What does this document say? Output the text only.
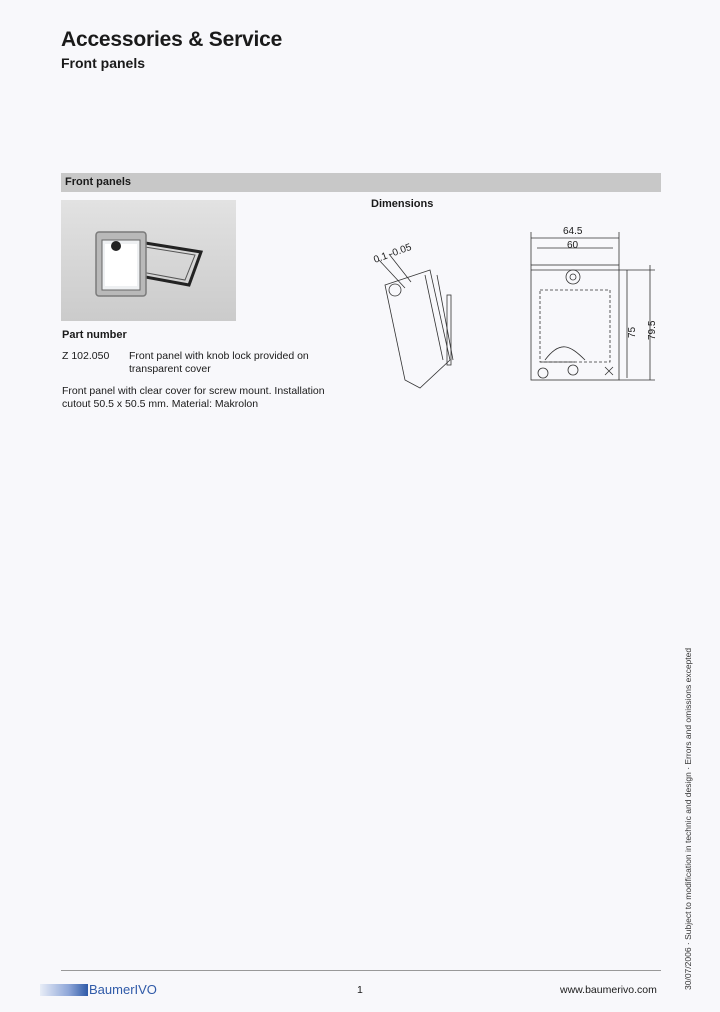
Accessories & Service
Front panels
Front panels
Dimensions
64.5
60
75 79.5
0.1 -0.05
Part number
Z 102.050 Front panel with knob lock provided on transparent cover
Front panel with clear cover for screw mount. Installation cutout 50.5 x 50.5 mm. Material: Makrolon
30/07/2006 · Subject to modification in technic and design · Errors and omissions excepted
BaumerIVO	1	www.baumerivo.com
